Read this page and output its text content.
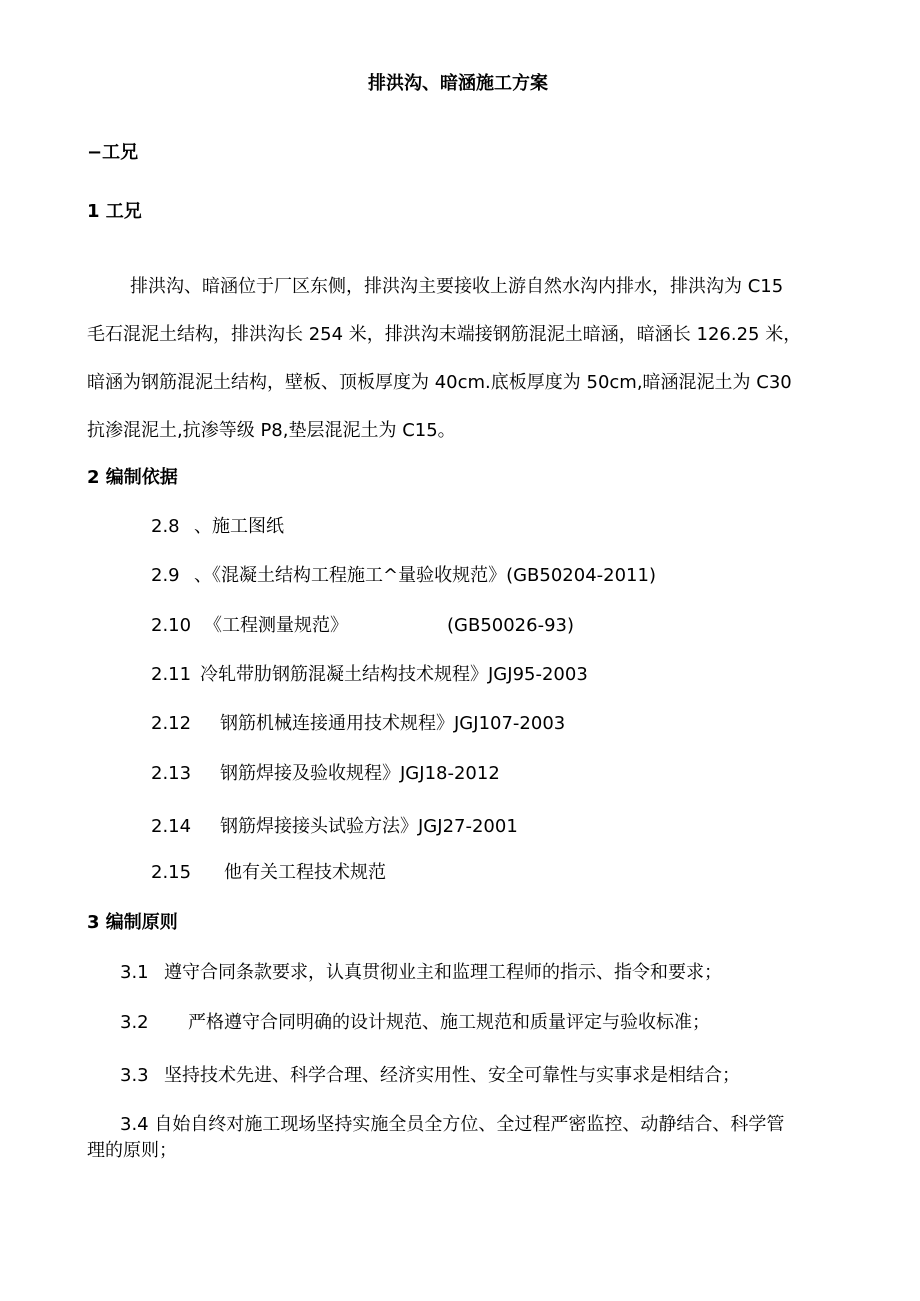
排洪沟、暗涵施工方案
−工兄
1 工兄
排洪沟、暗涵位于厂区东侧，排洪沟主要接收上游自然水沟内排水，排洪沟为 C15
毛石混泥土结构，排洪沟长 254 米，排洪沟末端接钢筋混泥土暗涵，暗涵长 126.25 米，
暗涵为钢筋混泥土结构，壁板、顶板厚度为 40cm.底板厚度为 50cm,暗涵混泥土为 C30
抗渗混泥土,抗渗等级 P8,垫层混泥土为 C15。
2 编制依据
2.8 、施工图纸
2.9 、《混凝土结构工程施工^量验收规范》(GB50204-2011)
2.10 《工程测量规范》	(GB50026-93)
2.11 冷轧带肋钢筋混凝土结构技术规程》JGJ95-2003
2.12 钢筋机械连接通用技术规程》JGJ107-2003
2.13 钢筋焊接及验收规程》JGJ18-2012
2.14 钢筋焊接接头试验方法》JGJ27-2001
2.15 他有关工程技术规范
3 编制原则
3.1 遵守合同条款要求，认真贯彻业主和监理工程师的指示、指令和要求；
3.2 严格遵守合同明确的设计规范、施工规范和质量评定与验收标准；
3.3 坚持技术先进、科学合理、经济实用性、安全可靠性与实事求是相结合；
3.4 自始自终对施工现场坚持实施全员全方位、全过程严密监控、动静结合、科学管
理的原则；
